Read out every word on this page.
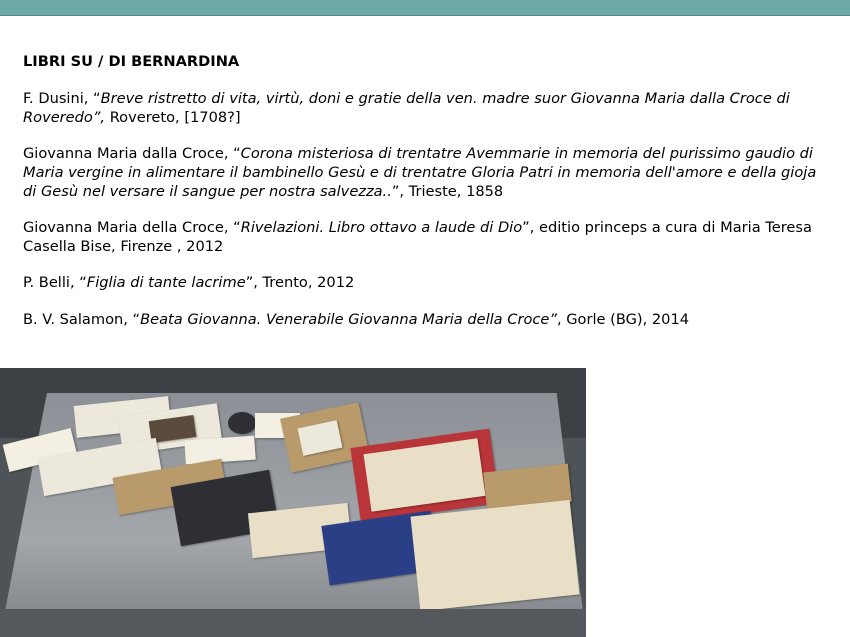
LIBRI SU / DI BERNARDINA
F. Dusini, “Breve ristretto di vita, virtù, doni e gratie della ven. madre suor Giovanna Maria dalla Croce di Roveredo”, Rovereto, [1708?]
Giovanna Maria dalla Croce, “Corona misteriosa di trentatre Avemmarie in memoria del purissimo gaudio di Maria vergine in alimentare il bambinello Gesù e di trentatre Gloria Patri in memoria dell'amore e della gioja di Gesù nel versare il sangue per nostra salvezza..”, Trieste, 1858
Giovanna Maria della Croce, “Rivelazioni. Libro ottavo a laude di Dio”, editio princeps a cura di Maria Teresa Casella Bise, Firenze , 2012
P. Belli, “Figlia di tante lacrime”, Trento, 2012
B. V. Salamon, “Beata Giovanna. Venerabile Giovanna Maria della Croce”, Gorle (BG), 2014
